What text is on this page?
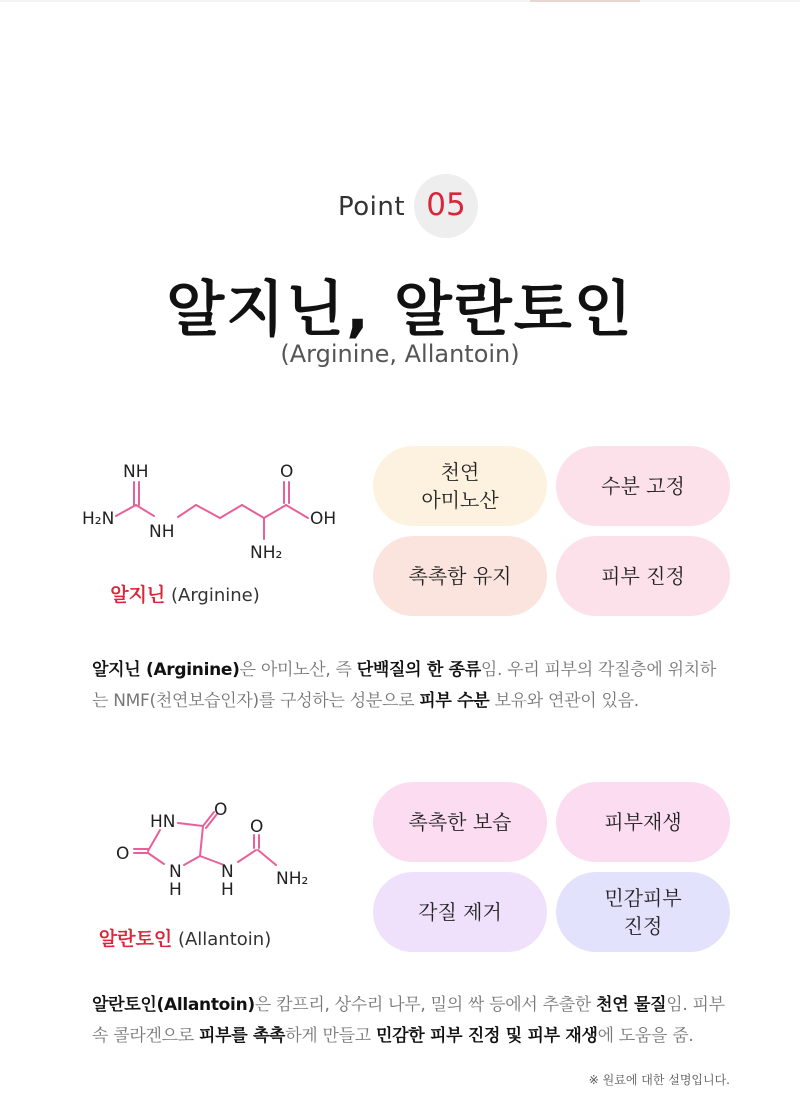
Point 05
알지닌, 알란토인
(Arginine, Allantoin)
NH
H₂N
NH
O
OH
NH₂
알지닌 (Arginine)
천연
아미노산
수분 고정
촉촉함 유지	피부 진정
알지닌 (Arginine)은 아미노산, 즉 단백질의 한 종류임. 우리 피부의 각질층에 위치하는 NMF(천연보습인자)를 구성하는 성분으로 피부 수분 보유와 연관이 있음.
HN
O
O
N
H
N
H
O
NH₂
알란토인 (Allantoin)
촉촉한 보습	피부재생
각질 제거
민감피부
진정
알란토인(Allantoin)은 캄프리, 상수리 나무, 밀의 싹 등에서 추출한 천연 물질임. 피부 속 콜라겐으로 피부를 촉촉하게 만들고 민감한 피부 진정 및 피부 재생에 도움을 줌.
※ 원료에 대한 설명입니다.
